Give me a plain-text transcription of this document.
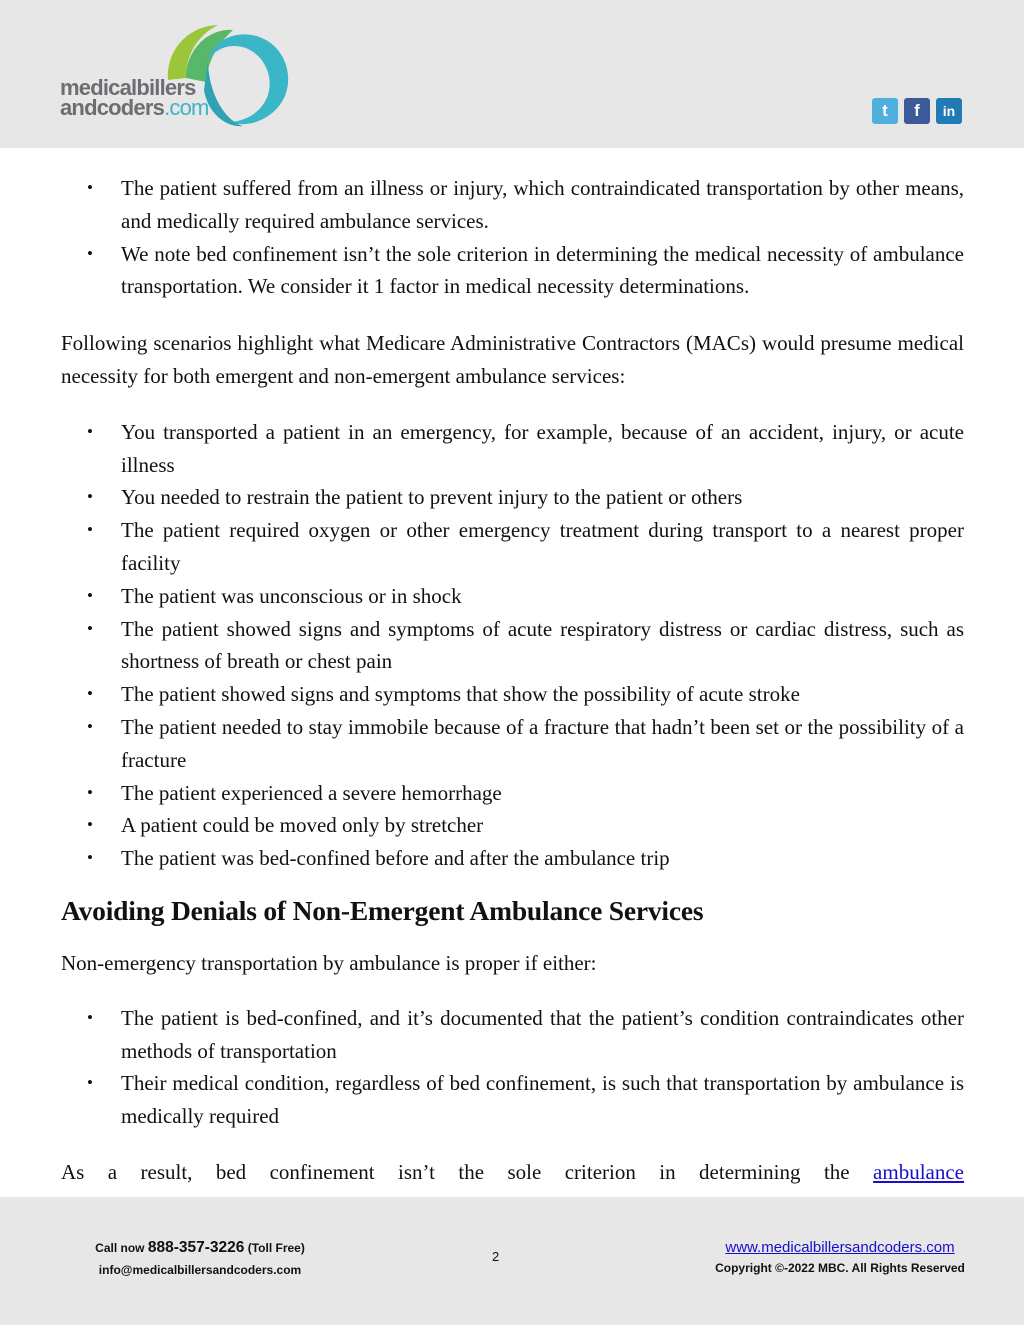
medicalbillers
andcoders.com	t	f	in
• The patient suffered from an illness or injury, which contraindicated transportation by other means, and medically required ambulance services.
• We note bed confinement isn’t the sole criterion in determining the medical necessity of ambulance transportation. We consider it 1 factor in medical necessity determinations.

Following scenarios highlight what Medicare Administrative Contractors (MACs) would presume medical necessity for both emergent and non-emergent ambulance services:

• You transported a patient in an emergency, for example, because of an accident, injury, or acute illness
• You needed to restrain the patient to prevent injury to the patient or others
• The patient required oxygen or other emergency treatment during transport to a nearest proper facility
• The patient was unconscious or in shock
• The patient showed signs and symptoms of acute respiratory distress or cardiac distress, such as shortness of breath or chest pain
• The patient showed signs and symptoms that show the possibility of acute stroke
• The patient needed to stay immobile because of a fracture that hadn’t been set or the possibility of a fracture
• The patient experienced a severe hemorrhage
• A patient could be moved only by stretcher
• The patient was bed-confined before and after the ambulance trip
Avoiding Denials of Non-Emergent Ambulance Services

Non-emergency transportation by ambulance is proper if either:

• The patient is bed-confined, and it’s documented that the patient’s condition contraindicates other methods of transportation
• Their medical condition, regardless of bed confinement, is such that transportation by ambulance is medically required

As a result, bed confinement isn’t the sole criterion in determining the ambulance

Call now 888-357-3226 (Toll Free)
info@medicalbillersandcoders.com
2
www.medicalbillersandcoders.com
Copyright ©-2022 MBC. All Rights Reserved
